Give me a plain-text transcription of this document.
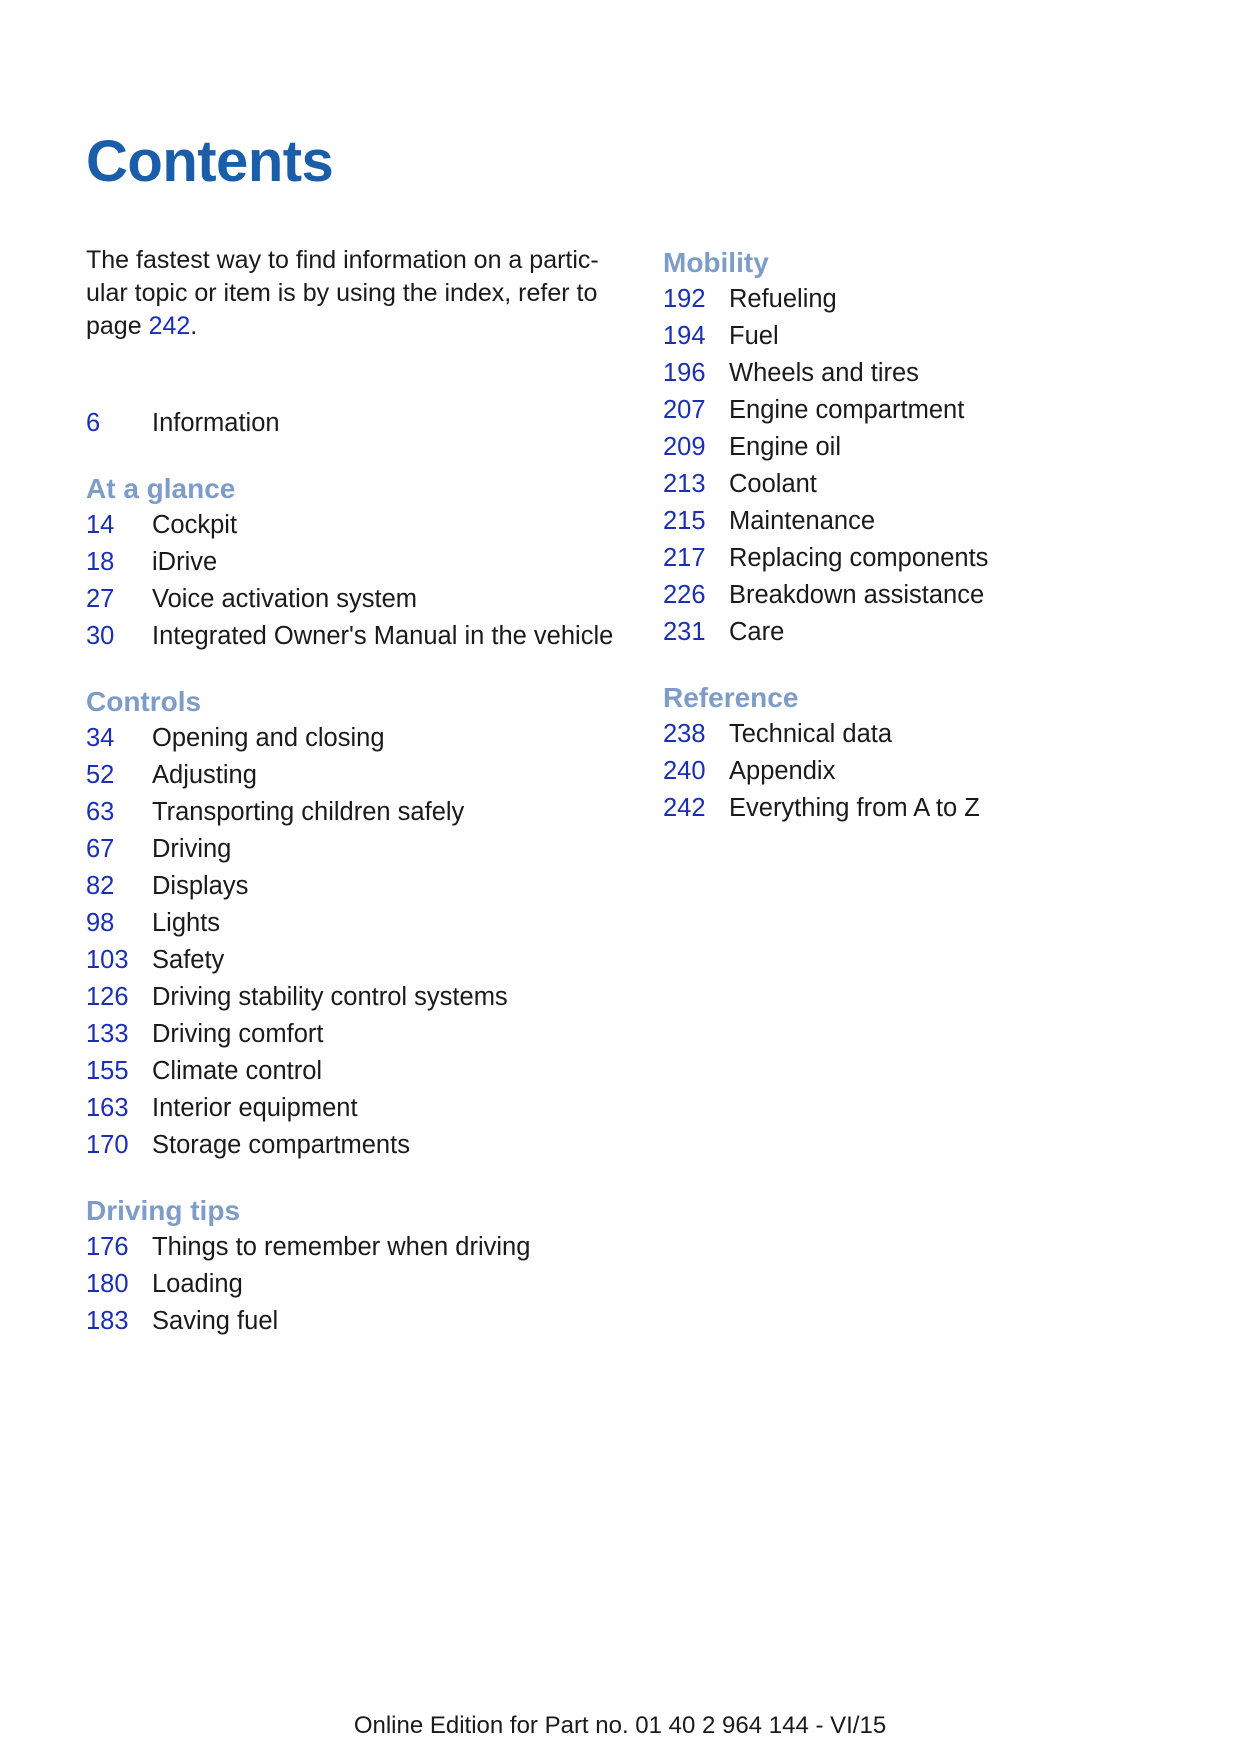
Contents

The fastest way to find information on a partic-
ular topic or item is by using the index, refer to
page 242.

6	Information
At a glance
14	Cockpit
18	iDrive
27	Voice activation system
30	Integrated Owner's Manual in the vehicle
Controls
34	Opening and closing
52	Adjusting
63	Transporting children safely
67	Driving
82	Displays
98	Lights
103 Safety
126 Driving stability control systems
133 Driving comfort
155 Climate control
163 Interior equipment
170 Storage compartments
Driving tips
176 Things to remember when driving
180 Loading
183 Saving fuel
Mobility
192 Refueling
194 Fuel
196 Wheels and tires
207 Engine compartment
209 Engine oil
213 Coolant
215 Maintenance
217 Replacing components
226 Breakdown assistance
231 Care
Reference
238 Technical data
240 Appendix
242 Everything from A to Z
Online Edition for Part no. 01 40 2 964 144 - VI/15
